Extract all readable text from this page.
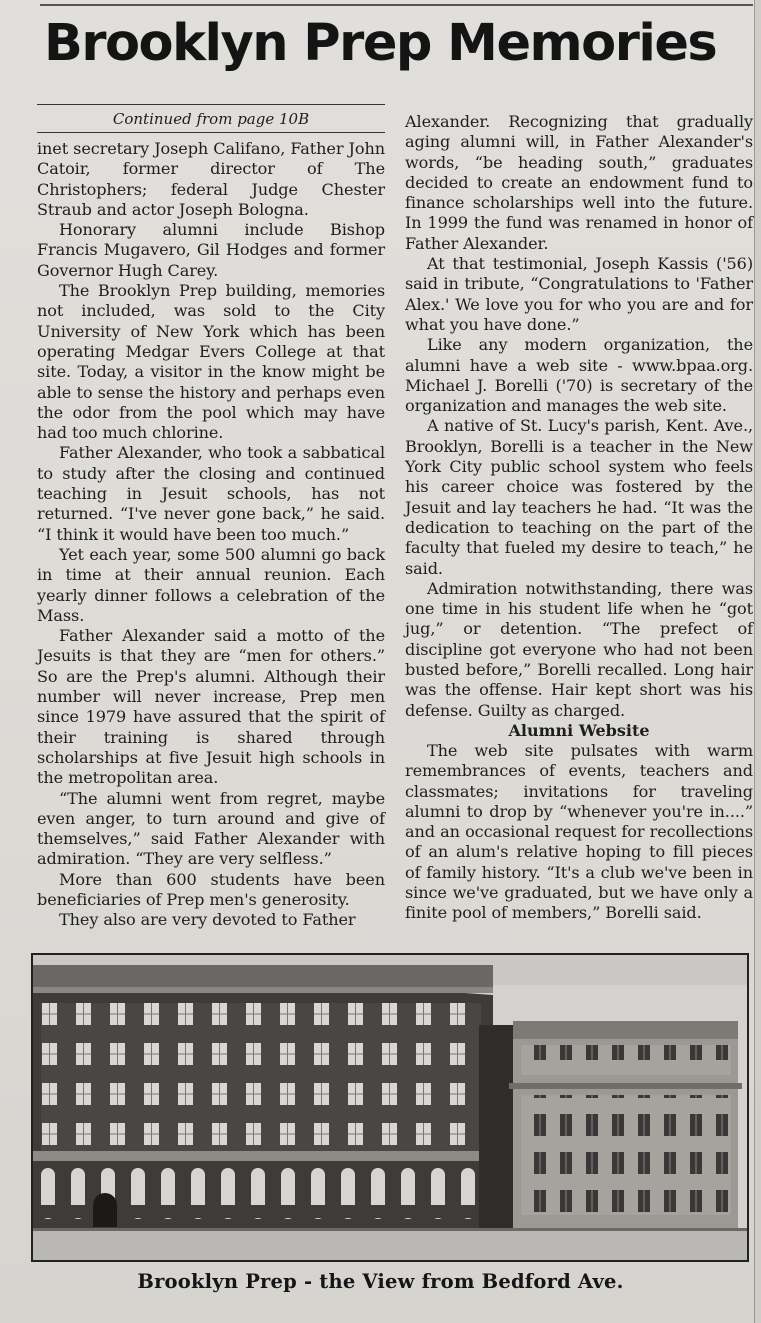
Brooklyn Prep Memories
Continued from page 10B

inet secretary Joseph Califano, Father John Catoir, former director of The Christophers; federal Judge Chester Straub and actor Joseph Bologna.

Honorary alumni include Bishop Francis Mugavero, Gil Hodges and former Governor Hugh Carey.

The Brooklyn Prep building, memories not included, was sold to the City University of New York which has been operating Medgar Evers College at that site. Today, a visitor in the know might be able to sense the history and perhaps even the odor from the pool which may have had too much chlorine.

Father Alexander, who took a sabbatical to study after the closing and continued teaching in Jesuit schools, has not returned. “I've never gone back,” he said. “I think it would have been too much.”

Yet each year, some 500 alumni go back in time at their annual reunion. Each yearly dinner follows a celebration of the Mass.

Father Alexander said a motto of the Jesuits is that they are “men for others.” So are the Prep's alumni. Although their number will never increase, Prep men since 1979 have assured that the spirit of their training is shared through scholarships at five Jesuit high schools in the metropolitan area.

“The alumni went from regret, maybe even anger, to turn around and give of themselves,” said Father Alexander with admiration. “They are very selfless.”

More than 600 students have been beneficiaries of Prep men's generosity.

They also are very devoted to Father

Alexander. Recognizing that gradually aging alumni will, in Father Alexander's words, “be heading south,” graduates decided to create an endowment fund to finance scholarships well into the future. In 1999 the fund was renamed in honor of Father Alexander.

At that testimonial, Joseph Kassis ('56) said in tribute, “Congratulations to 'Father Alex.' We love you for who you are and for what you have done.”

Like any modern organization, the alumni have a web site - www.bpaa.org. Michael J. Borelli ('70) is secretary of the organization and manages the web site.

A native of St. Lucy's parish, Kent. Ave., Brooklyn, Borelli is a teacher in the New York City public school system who feels his career choice was fostered by the Jesuit and lay teachers he had. “It was the dedication to teaching on the part of the faculty that fueled my desire to teach,” he said.

Admiration notwithstanding, there was one time in his student life when he “got jug,” or detention. “The prefect of discipline got everyone who had not been busted before,” Borelli recalled. Long hair was the offense. Hair kept short was his defense. Guilty as charged.

Alumni Website

The web site pulsates with warm remembrances of events, teachers and classmates; invitations for traveling alumni to drop by “whenever you're in....” and an occasional request for recollections of an alum's relative hoping to fill pieces of family history. “It's a club we've been in since we've graduated, but we have only a finite pool of members,” Borelli said.

Brooklyn Prep - the View from Bedford Ave.
